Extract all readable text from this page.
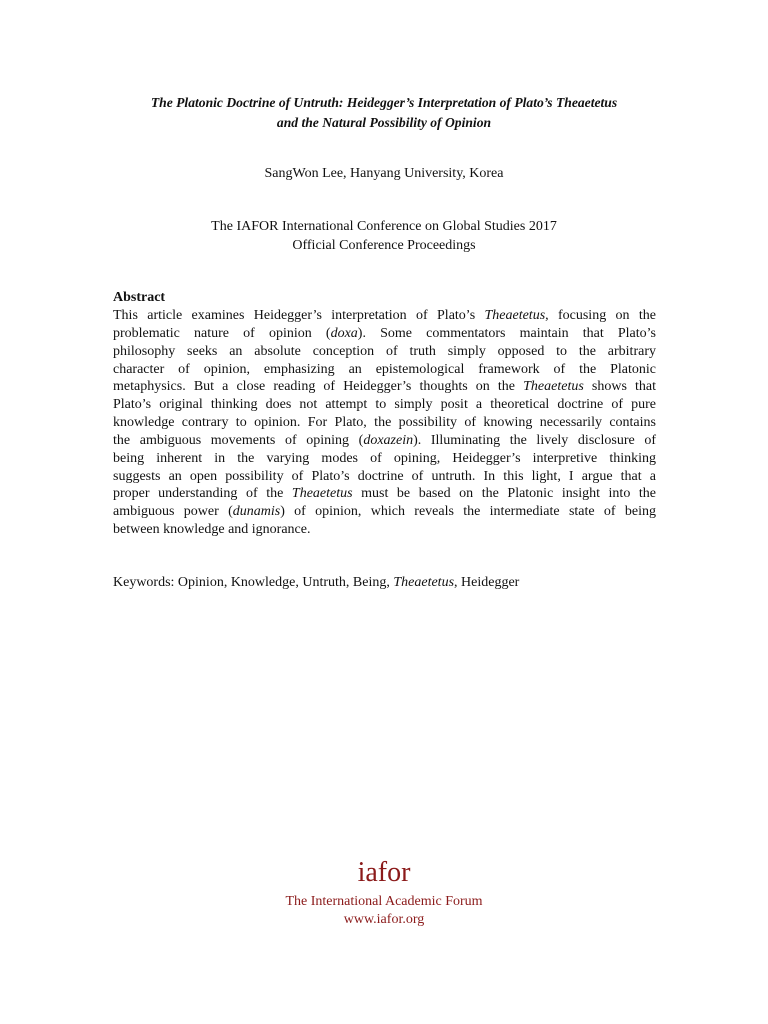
The Platonic Doctrine of Untruth: Heidegger’s Interpretation of Plato’s Theaetetus
and the Natural Possibility of Opinion
SangWon Lee, Hanyang University, Korea
The IAFOR International Conference on Global Studies 2017
Official Conference Proceedings
Abstract

This article examines Heidegger’s interpretation of Plato’s Theaetetus, focusing on the
problematic nature of opinion (doxa). Some commentators maintain that Plato’s
philosophy seeks an absolute conception of truth simply opposed to the arbitrary
character of opinion, emphasizing an epistemological framework of the Platonic
metaphysics. But a close reading of Heidegger’s thoughts on the Theaetetus shows that
Plato’s original thinking does not attempt to simply posit a theoretical doctrine of pure
knowledge contrary to opinion. For Plato, the possibility of knowing necessarily contains
the ambiguous movements of opining (doxazein). Illuminating the lively disclosure of
being inherent in the varying modes of opining, Heidegger’s interpretive thinking
suggests an open possibility of Plato’s doctrine of untruth. In this light, I argue that a
proper understanding of the Theaetetus must be based on the Platonic insight into the
ambiguous power (dunamis) of opinion, which reveals the intermediate state of being
between knowledge and ignorance.

Keywords: Opinion, Knowledge, Untruth, Being, Theaetetus, Heidegger
iafor
The International Academic Forum
www.iafor.org
